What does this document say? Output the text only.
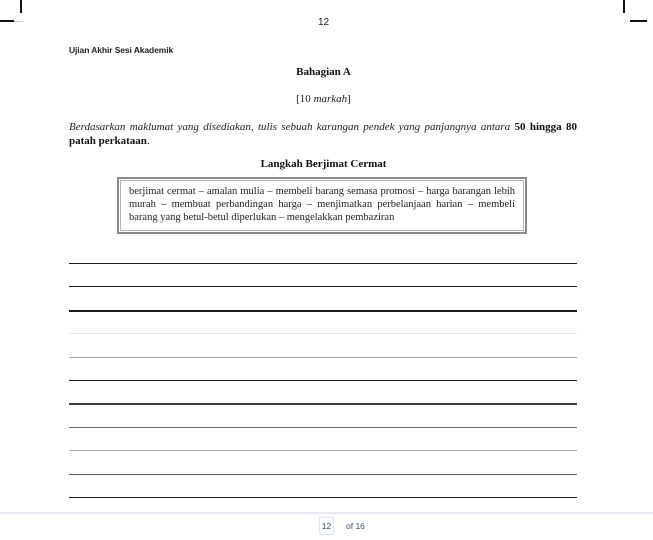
12
Ujian Akhir Sesi Akademik
Bahagian A
[10 markah]
Berdasarkan maklumat yang disediakan, tulis sebuah karangan pendek yang panjangnya antara 50 hingga 80 patah perkataan.
Langkah Berjimat Cermat
berjimat cermat – amalan mulia – membeli barang semasa promosi – harga barangan lebih murah – membuat perbandingan harga – menjimatkan perbelanjaan harian – membeli barang yang betul-betul diperlukan – mengelakkan pembaziran
12	of 16
